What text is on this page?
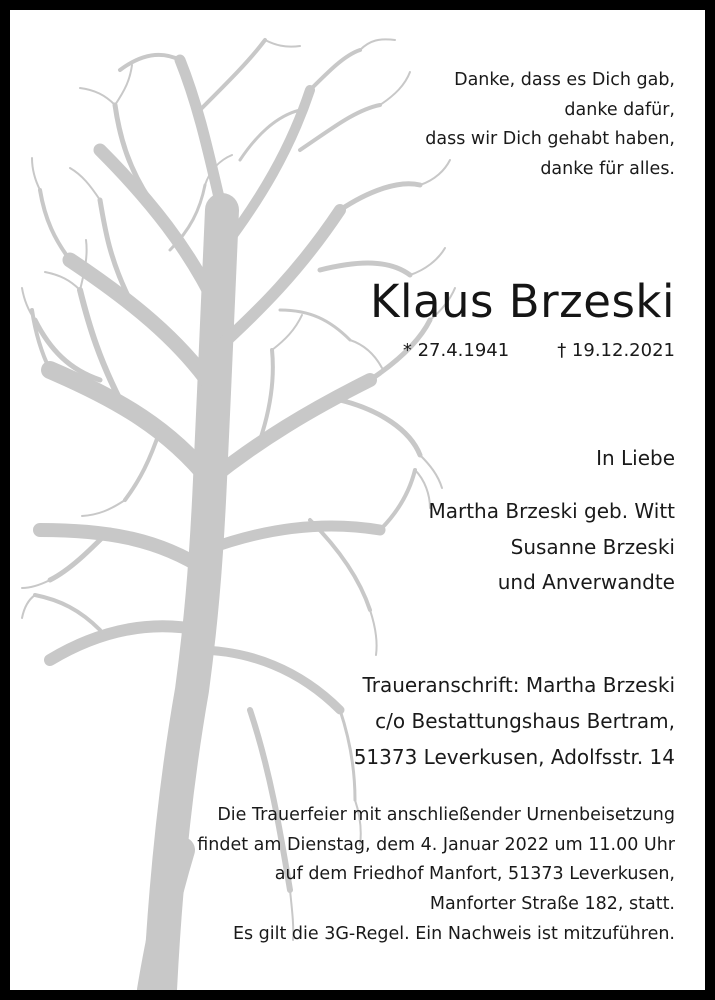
Danke, dass es Dich gab,
danke dafür,
dass wir Dich gehabt haben,
danke für alles.
Klaus Brzeski
* 27.4.1941	† 19.12.2021
In Liebe
Martha Brzeski geb. Witt
Susanne Brzeski
und Anverwandte
Traueranschrift: Martha Brzeski
c/o Bestattungshaus Bertram,
51373 Leverkusen, Adolfsstr. 14
Die Trauerfeier mit anschließender Urnenbeisetzung
findet am Dienstag, dem 4. Januar 2022 um 11.00 Uhr
auf dem Friedhof Manfort, 51373 Leverkusen,
Manforter Straße 182, statt.
Es gilt die 3G-Regel. Ein Nachweis ist mitzuführen.
